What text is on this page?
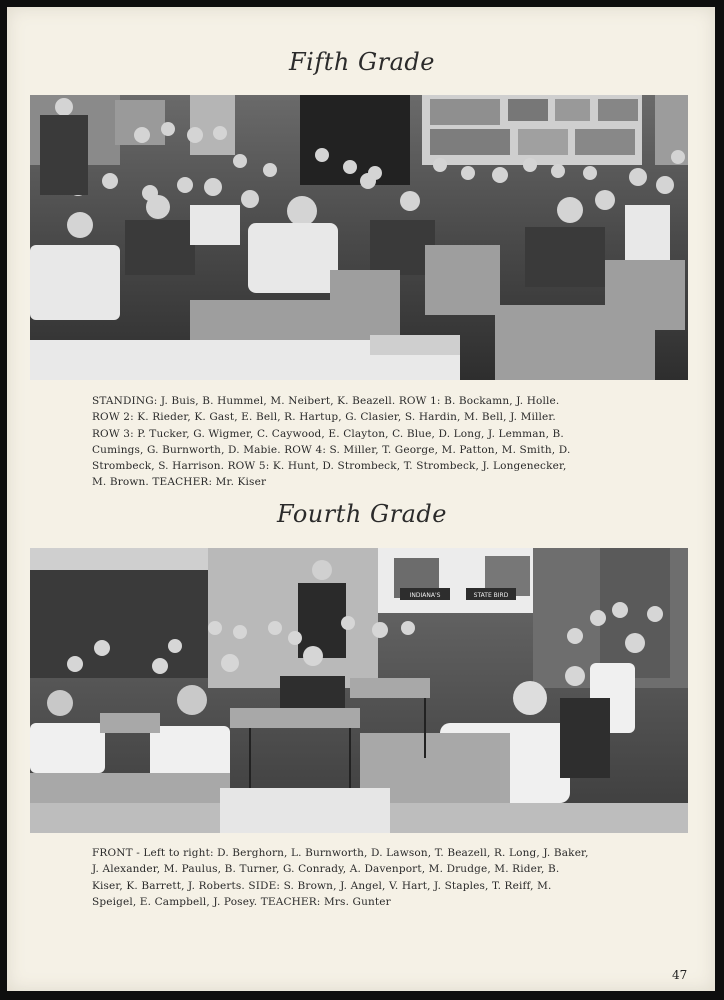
Fifth Grade
STANDING: J. Buis, B. Hummel, M. Neibert, K. Beazell. ROW 1: B. Bockamn, J. Holle.
ROW 2: K. Rieder, K. Gast, E. Bell, R. Hartup, G. Clasier, S. Hardin, M. Bell, J. Miller.
ROW 3: P. Tucker, G. Wigmer, C. Caywood, E. Clayton, C. Blue, D. Long, J. Lemman, B.
Cumings, G. Burnworth, D. Mabie. ROW 4: S. Miller, T. George, M. Patton, M. Smith, D.
Strombeck, S. Harrison. ROW 5: K. Hunt, D. Strombeck, T. Strombeck, J. Longenecker,
M. Brown. TEACHER: Mr. Kiser
Fourth Grade
INDIANA'S	STATE BIRD
FRONT - Left to right: D. Berghorn, L. Burnworth, D. Lawson, T. Beazell, R. Long, J. Baker,
J. Alexander, M. Paulus, B. Turner, G. Conrady, A. Davenport, M. Drudge, M. Rider, B.
Kiser, K. Barrett, J. Roberts. SIDE: S. Brown, J. Angel, V. Hart, J. Staples, T. Reiff, M.
Speigel, E. Campbell, J. Posey. TEACHER: Mrs. Gunter
47
